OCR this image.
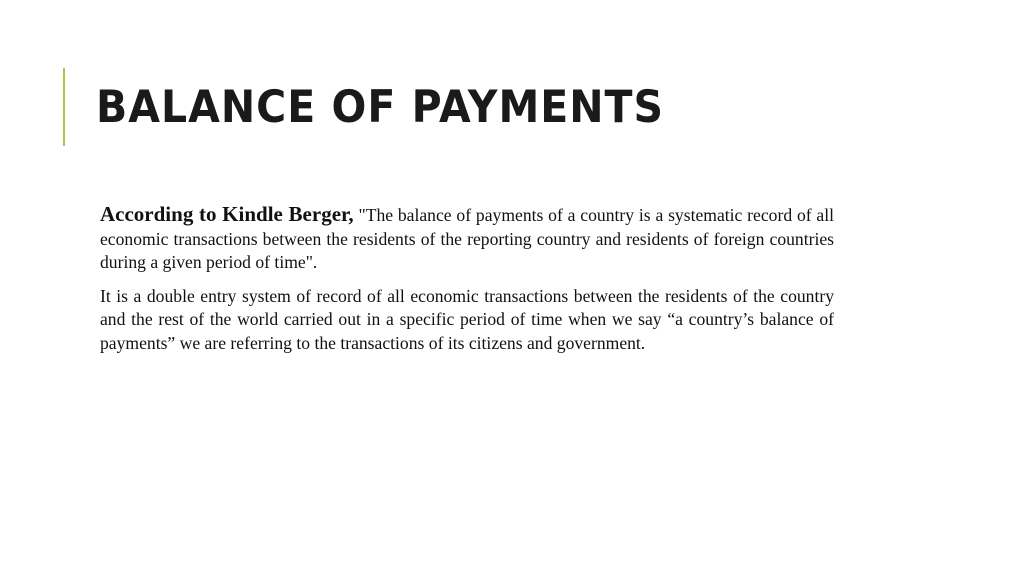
BALANCE OF PAYMENTS

According to Kindle Berger, "The balance of payments of a country is a systematic record of all economic transactions between the residents of the reporting country and residents of foreign countries during a given period of time".

It is a double entry system of record of all economic transactions between the residents of the country and the rest of the world carried out in a specific period of time when we say “a country’s balance of payments” we are referring to the transactions of its citizens and government.
